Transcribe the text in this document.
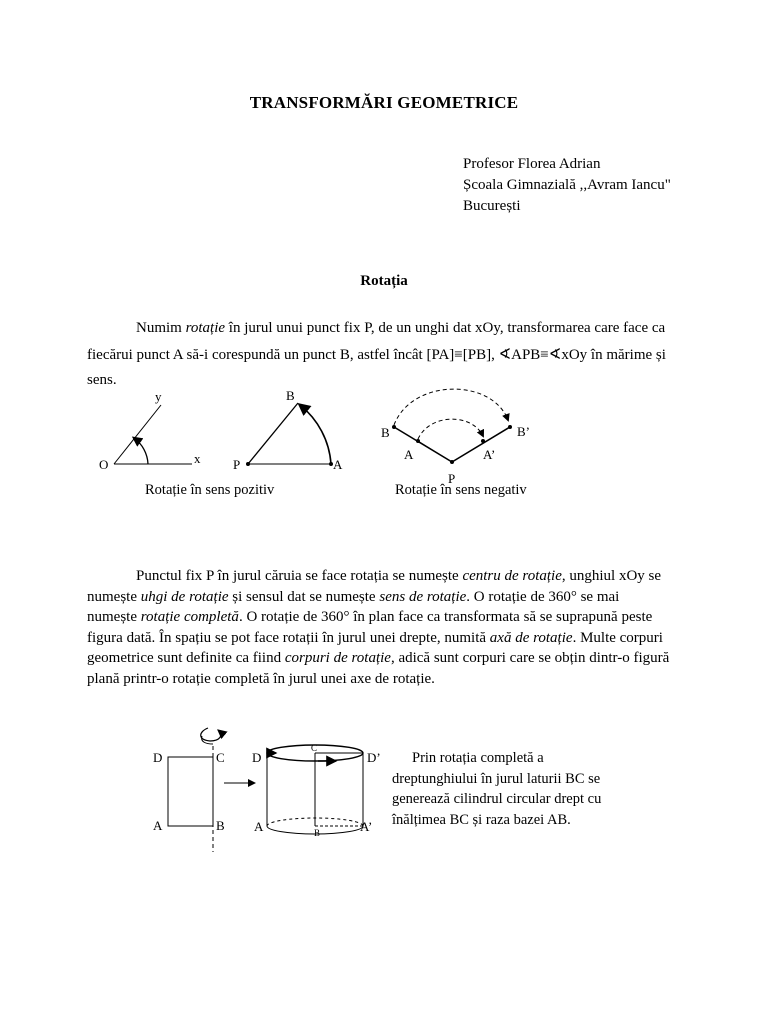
TRANSFORMĂRI GEOMETRICE
Profesor Florea Adrian
Școala Gimnazială ,,Avram Iancu"
București
Rotația
Numim rotație în jurul unui punct fix P, de un unghi dat xOy, transformarea care face ca
fiecărui punct A să-i corespundă un punct B, astfel încât [PA]≡[PB], ∢APB≡∢xOy în mărime și
sens.
y
x
O
B
P	A
B	B’
A	A’
P
Rotație în sens pozitiv	Rotație în sens negativ
Punctul fix P în jurul căruia se face rotația se numește centru de rotație, unghiul xOy se
numește uhgi de rotație și sensul dat se numește sens de rotație. O rotație de 360° se mai
numește rotație completă. O rotație de 360° în plan face ca transformata să se suprapună peste
figura dată. În spațiu se pot face rotații în jurul unei drepte, numită axă de rotație. Multe corpuri
geometrice sunt definite ca fiind corpuri de rotație, adică sunt corpuri care se obțin dintr-o figură
plană printr-o rotație completă în jurul unei axe de rotație.
D	C
A	B
D	D’
C
A	A’
B
Prin rotația completă a
dreptunghiului în jurul laturii BC se
generează cilindrul circular drept cu
înălțimea BC și raza bazei AB.
